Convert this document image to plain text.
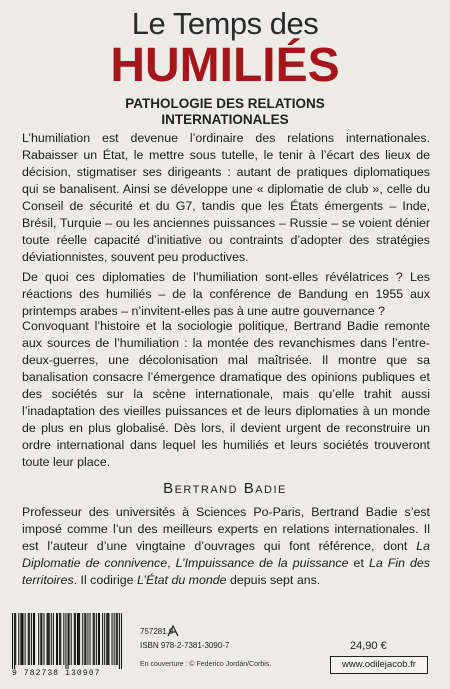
Le Temps des
HUMILIÉS
PATHOLOGIE DES RELATIONS
INTERNATIONALES

L’humiliation est devenue l’ordinaire des relations internationales. Rabaisser un État, le mettre sous tutelle, le tenir à l’écart des lieux de décision, stigmatiser ses dirigeants : autant de pratiques diplomatiques qui se banalisent. Ainsi se développe une « diplomatie de club », celle du Conseil de sécurité et du G7, tandis que les États émergents – Inde, Brésil, Turquie – ou les anciennes puissances – Russie – se voient dénier toute réelle capacité d’initiative ou contraints d’adopter des stratégies déviationnistes, souvent peu productives.

De quoi ces diplomaties de l’humiliation sont-elles révélatrices ? Les réactions des humiliés – de la conférence de Bandung en 1955 aux printemps arabes – n’invitent-elles pas à une autre gouvernance ?

Convoquant l’histoire et la sociologie politique, Bertrand Badie remonte aux sources de l’humiliation : la montée des revanchismes dans l’entre-deux-guerres, une décolonisation mal maîtrisée. Il montre que sa banalisation consacre l’émergence dramatique des opinions publiques et des sociétés sur la scène internationale, mais qu’elle trahit aussi l’inadaptation des vieilles puissances et de leurs diplomaties à un monde de plus en plus globalisé. Dès lors, il devient urgent de reconstruire un ordre international dans lequel les humiliés et leurs sociétés trouveront toute leur place.

Bertrand Badie

Professeur des universités à Sciences Po-Paris, Bertrand Badie s’est imposé comme l’un des meilleurs experts en relations internationales. Il est l’auteur d’une vingtaine d’ouvrages qui font référence, dont La Diplomatie de connivence, L’Impuissance de la puissance et La Fin des territoires. Il codirige L’État du monde depuis sept ans.

9 782738 130907
757281.0
ISBN 978-2-7381-3090-7
En couverture : © Federico Jordán/Corbis.
24,90 €
www.odilejacob.fr
